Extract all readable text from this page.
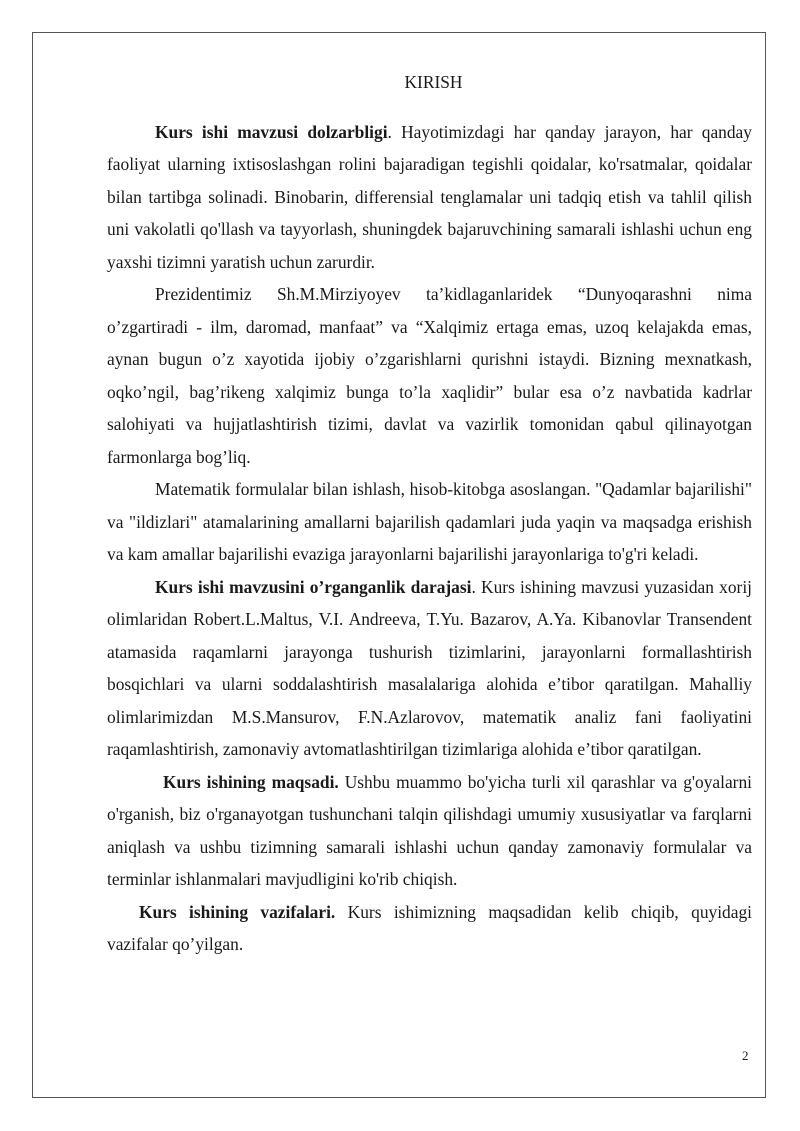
KIRISH

Kurs ishi mavzusi dolzarbligi. Hayotimizdagi har qanday jarayon, har qanday faoliyat ularning ixtisoslashgan rolini bajaradigan tegishli qoidalar, ko'rsatmalar, qoidalar bilan tartibga solinadi. Binobarin, differensial tenglamalar uni tadqiq etish va tahlil qilish uni vakolatli qo'llash va tayyorlash, shuningdek bajaruvchining samarali ishlashi uchun eng yaxshi tizimni yaratish uchun zarurdir.

Prezidentimiz Sh.M.Mirziyoyev ta’kidlaganlaridek “Dunyoqarashni nima o’zgartiradi - ilm, daromad, manfaat” va “Xalqimiz ertaga emas, uzoq kelajakda emas, aynan bugun o’z xayotida ijobiy o’zgarishlarni qurishni istaydi. Bizning mexnatkash, oqko’ngil, bag’rikeng xalqimiz bunga to’la xaqlidir” bular esa o’z navbatida kadrlar salohiyati va hujjatlashtirish tizimi, davlat va vazirlik tomonidan qabul qilinayotgan farmonlarga bog’liq.

Matematik formulalar bilan ishlash, hisob-kitobga asoslangan. "Qadamlar bajarilishi" va "ildizlari" atamalarining amallarni bajarilish qadamlari juda yaqin va maqsadga erishish va kam amallar bajarilishi evaziga jarayonlarni bajarilishi jarayonlariga to'g'ri keladi.

Kurs ishi mavzusini o’rganganlik darajasi. Kurs ishining mavzusi yuzasidan xorij olimlaridan Robert.L.Maltus, V.I. Andreeva, T.Yu. Bazarov, A.Ya. Kibanovlar Transendent atamasida raqamlarni jarayonga tushurish tizimlarini, jarayonlarni formallashtirish bosqichlari va ularni soddalashtirish masalalariga alohida e’tibor qaratilgan. Mahalliy olimlarimizdan M.S.Mansurov, F.N.Azlarovov, matematik analiz fani faoliyatini raqamlashtirish, zamonaviy avtomatlashtirilgan tizimlariga alohida e’tibor qaratilgan.

Kurs ishining maqsadi. Ushbu muammo bo'yicha turli xil qarashlar va g'oyalarni o'rganish, biz o'rganayotgan tushunchani talqin qilishdagi umumiy xususiyatlar va farqlarni aniqlash va ushbu tizimning samarali ishlashi uchun qanday zamonaviy formulalar va terminlar ishlanmalari mavjudligini ko'rib chiqish.

Kurs ishining vazifalari. Kurs ishimizning maqsadidan kelib chiqib, quyidagi vazifalar qo’yilgan.

2
